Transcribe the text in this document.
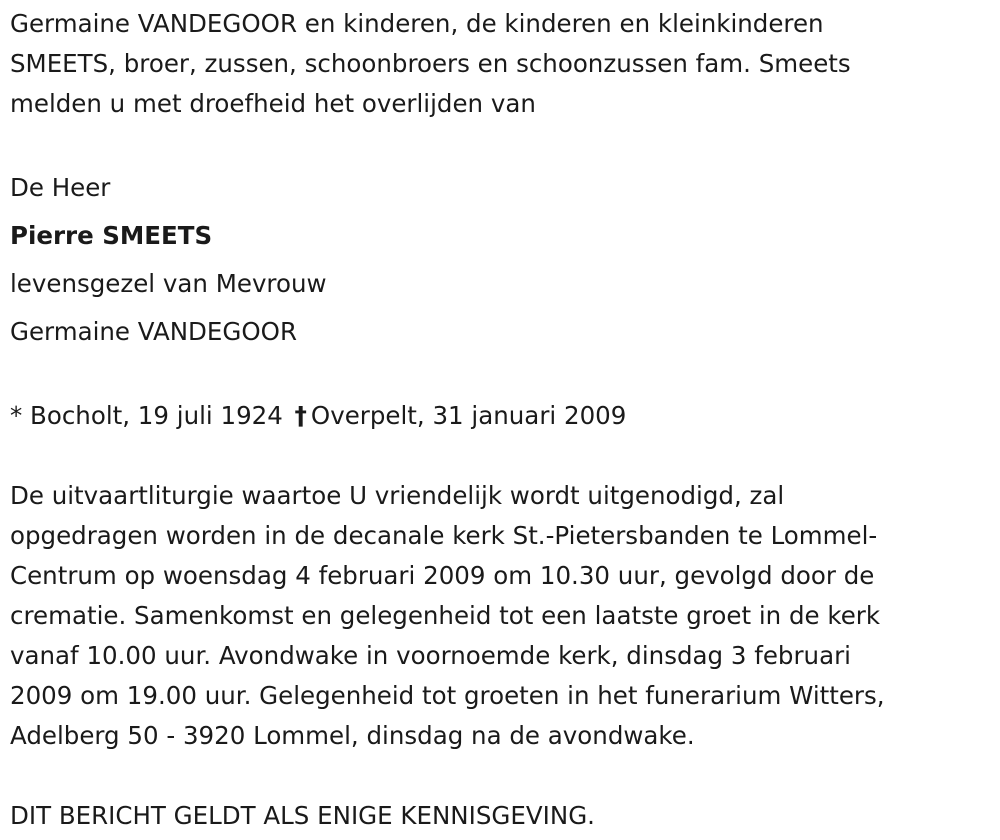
Germaine VANDEGOOR en kinderen, de kinderen en kleinkinderen
SMEETS, broer, zussen, schoonbroers en schoonzussen fam. Smeets
melden u met droefheid het overlijden van

De Heer
Pierre SMEETS
levensgezel van Mevrouw
Germaine VANDEGOOR
* Bocholt, 19 juli 1924 † Overpelt, 31 januari 2009

De uitvaartliturgie waartoe U vriendelijk wordt uitgenodigd, zal
opgedragen worden in de decanale kerk St.-Pietersbanden te Lommel-
Centrum op woensdag 4 februari 2009 om 10.30 uur, gevolgd door de
crematie. Samenkomst en gelegenheid tot een laatste groet in de kerk
vanaf 10.00 uur. Avondwake in voornoemde kerk, dinsdag 3 februari
2009 om 19.00 uur. Gelegenheid tot groeten in het funerarium Witters,
Adelberg 50 - 3920 Lommel, dinsdag na de avondwake.

DIT BERICHT GELDT ALS ENIGE KENNISGEVING.
